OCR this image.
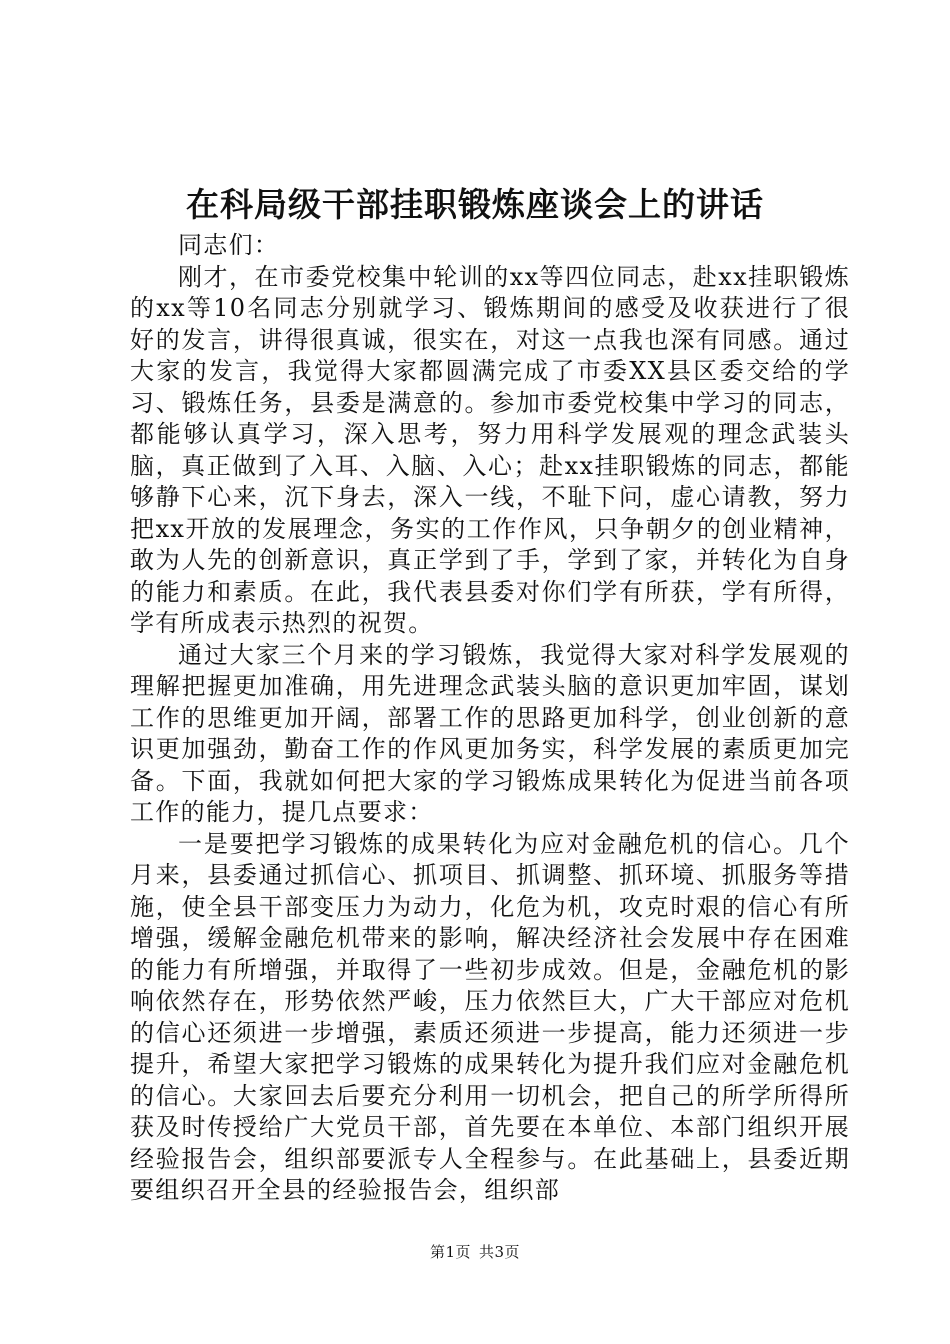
在科局级干部挂职锻炼座谈会上的讲话

同志们：

刚才，在市委党校集中轮训的xx等四位同志，赴xx挂职锻炼的xx等10名同志分别就学习、锻炼期间的感受及收获进行了很好的发言，讲得很真诚，很实在，对这一点我也深有同感。通过大家的发言，我觉得大家都圆满完成了市委XX县区委交给的学习、锻炼任务，县委是满意的。参加市委党校集中学习的同志，都能够认真学习，深入思考，努力用科学发展观的理念武装头脑，真正做到了入耳、入脑、入心；赴xx挂职锻炼的同志，都能够静下心来，沉下身去，深入一线，不耻下问，虚心请教，努力把xx开放的发展理念，务实的工作作风，只争朝夕的创业精神，敢为人先的创新意识，真正学到了手，学到了家，并转化为自身的能力和素质。在此，我代表县委对你们学有所获，学有所得，学有所成表示热烈的祝贺。

通过大家三个月来的学习锻炼，我觉得大家对科学发展观的理解把握更加准确，用先进理念武装头脑的意识更加牢固，谋划工作的思维更加开阔，部署工作的思路更加科学，创业创新的意识更加强劲，勤奋工作的作风更加务实，科学发展的素质更加完备。下面，我就如何把大家的学习锻炼成果转化为促进当前各项工作的能力，提几点要求：

一是要把学习锻炼的成果转化为应对金融危机的信心。几个月来，县委通过抓信心、抓项目、抓调整、抓环境、抓服务等措施，使全县干部变压力为动力，化危为机，攻克时艰的信心有所增强，缓解金融危机带来的影响，解决经济社会发展中存在困难的能力有所增强，并取得了一些初步成效。但是，金融危机的影响依然存在，形势依然严峻，压力依然巨大，广大干部应对危机的信心还须进一步增强，素质还须进一步提高，能力还须进一步提升，希望大家把学习锻炼的成果转化为提升我们应对金融危机的信心。大家回去后要充分利用一切机会，把自己的所学所得所获及时传授给广大党员干部，首先要在本单位、本部门组织开展经验报告会，组织部要派专人全程参与。在此基础上，县委近期要组织召开全县的经验报告会，组织部

第1页 共3页
